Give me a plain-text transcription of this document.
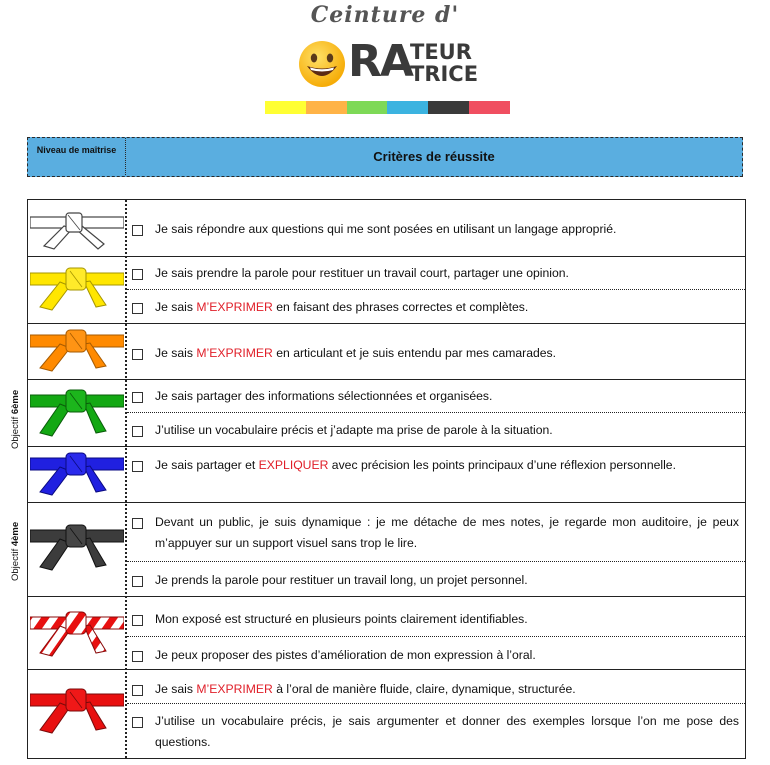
Ceinture d'
RA
TEUR
TRICE
Niveau de maîtrise	Critères de réussite
Objectif 6ème
Objectif 4ème
Je sais répondre aux questions qui me sont posées en utilisant un langage approprié.
Je sais prendre la parole pour restituer un travail court, partager une opinion.
Je sais M’EXPRIMER en faisant des phrases correctes et complètes.
Je sais M’EXPRIMER en articulant et je suis entendu par mes camarades.
Je sais partager des informations sélectionnées et organisées.
J’utilise un vocabulaire précis et j’adapte ma prise de parole à la situation.
Je sais partager et EXPLIQUER avec précision les points principaux d’une réflexion personnelle.
Devant un public, je suis dynamique : je me détache de mes notes, je regarde mon auditoire, je peux m’appuyer sur un support visuel sans trop le lire.
Je prends la parole pour restituer un travail long, un projet personnel.
Mon exposé est structuré en plusieurs points clairement identifiables.
Je peux proposer des pistes d’amélioration de mon expression à l’oral.
Je sais M’EXPRIMER à l’oral de manière fluide, claire, dynamique, structurée.
J’utilise un vocabulaire précis, je sais argumenter et donner des exemples lorsque l’on me pose des questions.
